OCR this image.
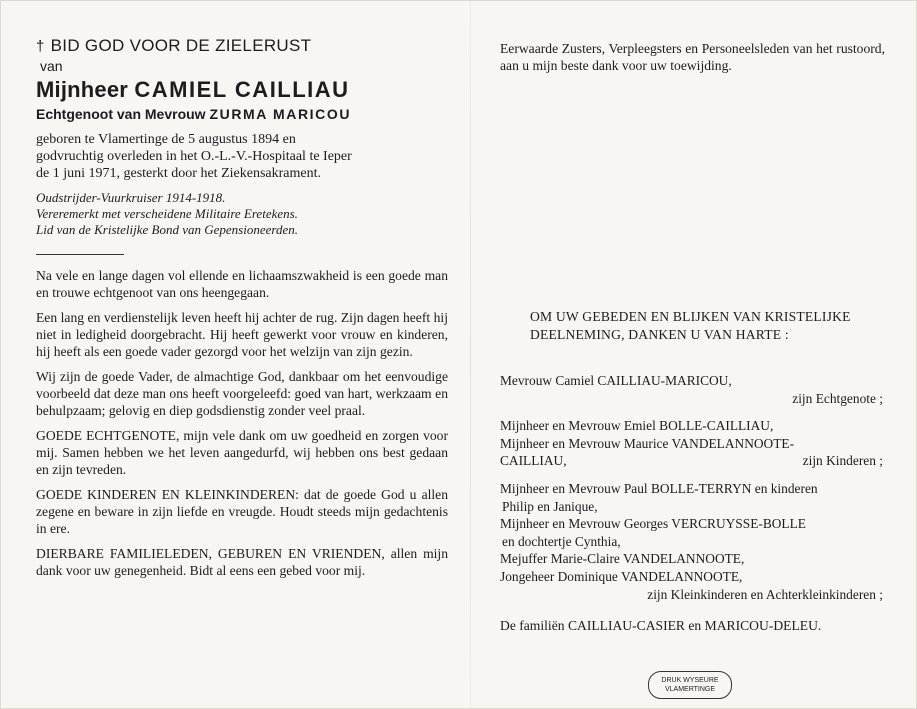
† BID GOD VOOR DE ZIELERUST

van

Mijnheer CAMIEL CAILLIAU

Echtgenoot van Mevrouw ZURMA MARICOU

geboren te Vlamertinge de 5 augustus 1894 en
godvruchtig overleden in het O.-L.-V.-Hospitaal te Ieper
de 1 juni 1971, gesterkt door het Ziekensakrament.
Oudstrijder-Vuurkruiser 1914-1918.
Vereremerkt met verscheidene Militaire Eretekens.
Lid van de Kristelijke Bond van Gepensioneerden.

Na vele en lange dagen vol ellende en lichaamszwakheid is een goede man en trouwe echtgenoot van ons heengegaan.

Een lang en verdienstelijk leven heeft hij achter de rug. Zijn dagen heeft hij niet in ledigheid doorgebracht. Hij heeft gewerkt voor vrouw en kinderen, hij heeft als een goede vader gezorgd voor het welzijn van zijn gezin.

Wij zijn de goede Vader, de almachtige God, dankbaar om het eenvoudige voorbeeld dat deze man ons heeft voorgeleefd: goed van hart, werkzaam en behulpzaam; gelovig en diep godsdienstig zonder veel praal.

GOEDE ECHTGENOTE, mijn vele dank om uw goedheid en zorgen voor mij. Samen hebben we het leven aangedurfd, wij hebben ons best gedaan en zijn tevreden.

GOEDE KINDEREN EN KLEINKINDEREN: dat de goede God u allen zegene en beware in zijn liefde en vreugde. Houdt steeds mijn gedachtenis in ere.

DIERBARE FAMILIELEDEN, GEBUREN EN VRIENDEN, allen mijn dank voor uw genegenheid. Bidt al eens een gebed voor mij.

Eerwaarde Zusters, Verpleegsters en Personeelsleden van het rustoord, aan u mijn beste dank voor uw toewijding.

OM UW GEBEDEN EN BLIJKEN VAN KRISTELIJKE
DEELNEMING, DANKEN U VAN HARTE :
Mevrouw Camiel CAILLIAU-MARICOU,
zijn Echtgenote ;
Mijnheer en Mevrouw Emiel BOLLE-CAILLIAU,
Mijnheer en Mevrouw Maurice VANDELANNOOTE-
CAILLIAU,	zijn Kinderen ;
Mijnheer en Mevrouw Paul BOLLE-TERRYN en kinderen
Philip en Janique,
Mijnheer en Mevrouw Georges VERCRUYSSE-BOLLE
en dochtertje Cynthia,
Mejuffer Marie-Claire VANDELANNOOTE,
Jongeheer Dominique VANDELANNOOTE,
zijn Kleinkinderen en Achterkleinkinderen ;

De familiën CAILLIAU-CASIER en MARICOU-DELEU.

DRUK WYSEURE
VLAMERTINGE
